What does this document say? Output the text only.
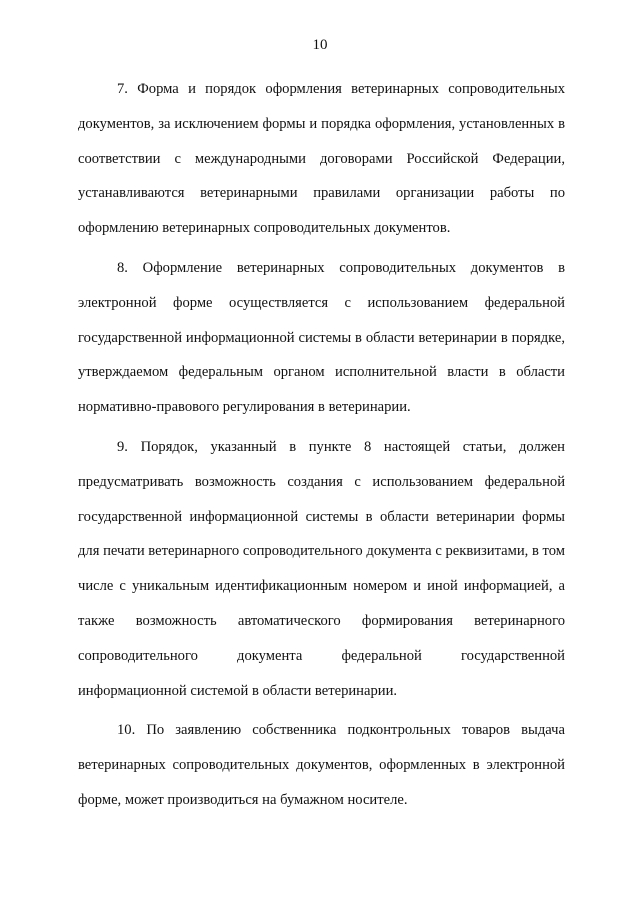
10

7. Форма и порядок оформления ветеринарных сопроводительных документов, за исключением формы и порядка оформления, установленных в соответствии с международными договорами Российской Федерации, устанавливаются ветеринарными правилами организации работы по оформлению ветеринарных сопроводительных документов.

8. Оформление ветеринарных сопроводительных документов в электронной форме осуществляется с использованием федеральной государственной информационной системы в области ветеринарии в порядке, утверждаемом федеральным органом исполнительной власти в области нормативно-правового регулирования в ветеринарии.

9. Порядок, указанный в пункте 8 настоящей статьи, должен предусматривать возможность создания с использованием федеральной государственной информационной системы в области ветеринарии формы для печати ветеринарного сопроводительного документа с реквизитами, в том числе с уникальным идентификационным номером и иной информацией, а также возможность автоматического формирования ветеринарного сопроводительного документа федеральной государственной информационной системой в области ветеринарии.

10. По заявлению собственника подконтрольных товаров выдача ветеринарных сопроводительных документов, оформленных в электронной форме, может производиться на бумажном носителе.
